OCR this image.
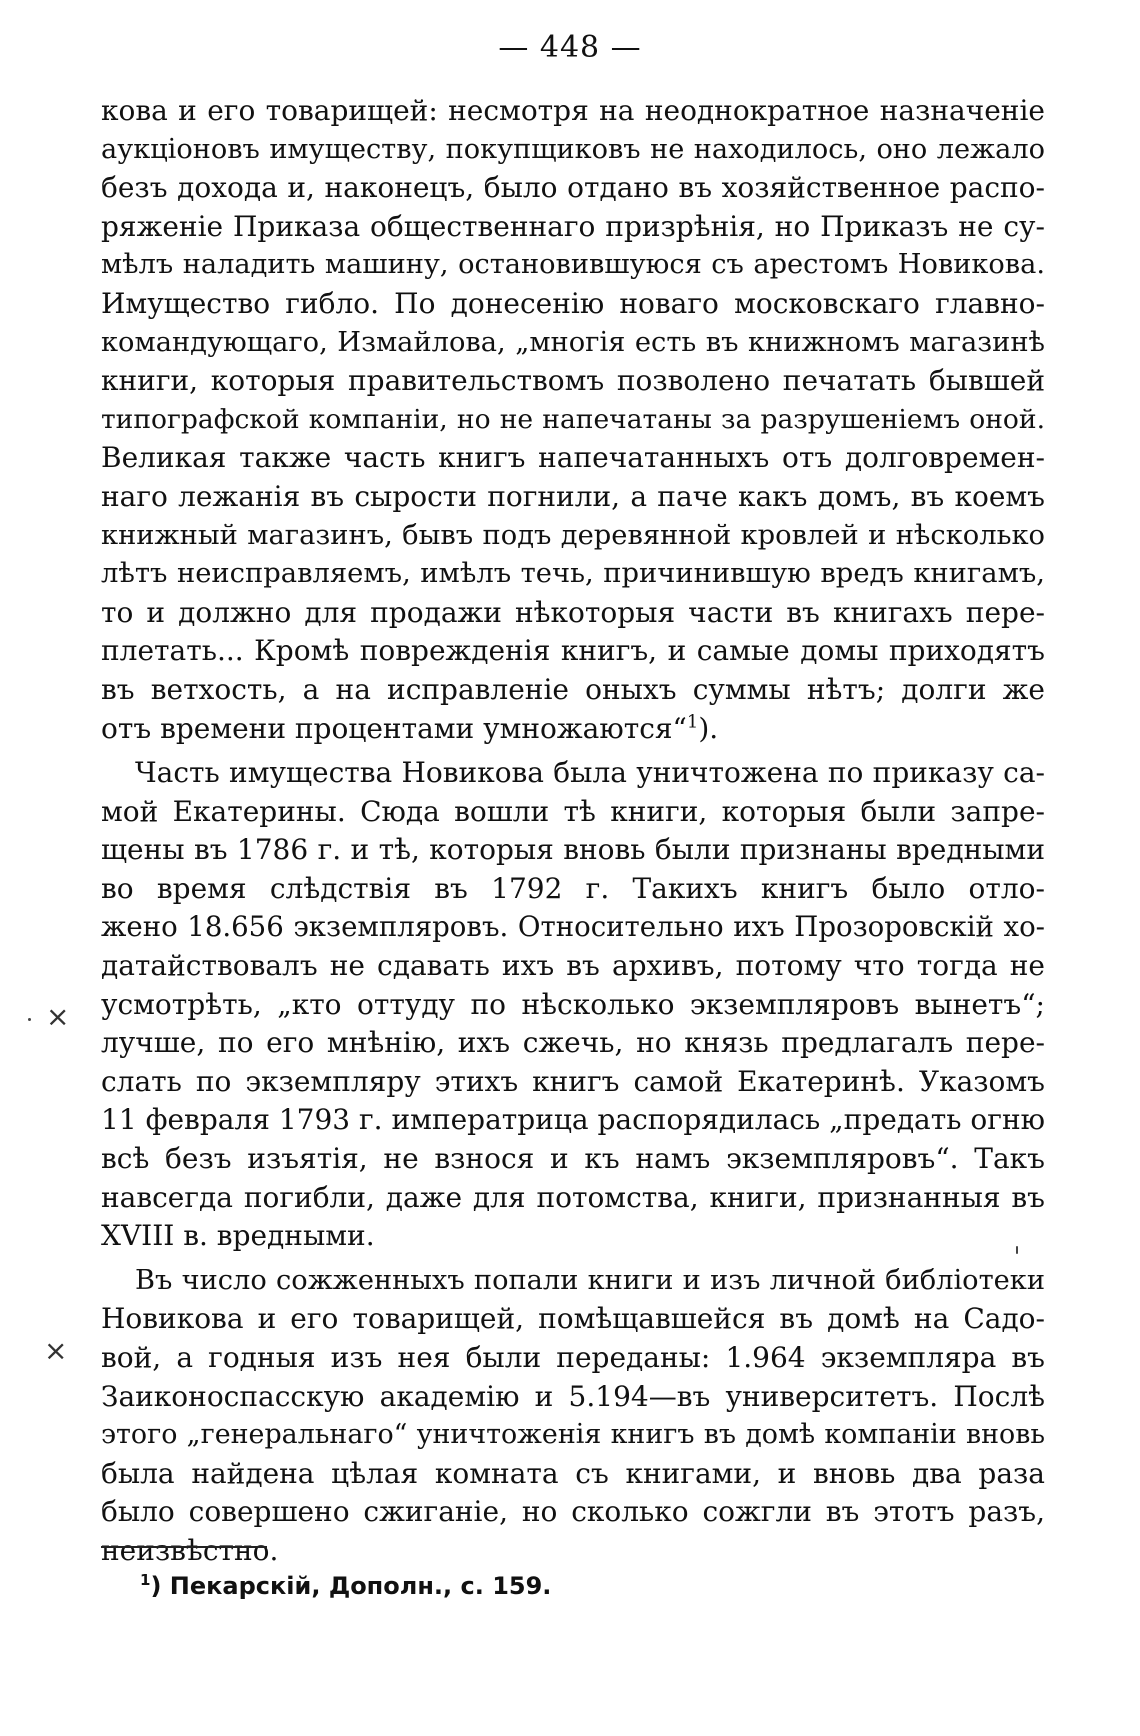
— 448 —
кова и его товарищей: несмотря на неоднократное назначеніе
аукціоновъ имуществу, покупщиковъ не находилось, оно лежало
безъ дохода и, наконецъ, было отдано въ хозяйственное распо-
ряженіе Приказа общественнаго призрѣнія, но Приказъ не су-
мѣлъ наладить машину, остановившуюся съ арестомъ Новикова.
Имущество гибло. По донесенію новаго московскаго главно-
командующаго, Измайлова, „многія есть въ книжномъ магазинѣ
книги, которыя правительствомъ позволено печатать бывшей
типографской компаніи, но не напечатаны за разрушеніемъ оной.
Великая также часть книгъ напечатанныхъ отъ долговремен-
наго лежанія въ сырости погнили, а паче какъ домъ, въ коемъ
книжный магазинъ, бывъ подъ деревянной кровлей и нѣсколько
лѣтъ неисправляемъ, имѣлъ течь, причинившую вредъ книгамъ,
то и должно для продажи нѣкоторыя части въ книгахъ пере-
плетать... Кромѣ поврежденія книгъ, и самые домы приходятъ
въ ветхость, а на исправленіе оныхъ суммы нѣтъ; долги же
отъ времени процентами умножаются“$^1$).
Часть имущества Новикова была уничтожена по приказу са-
мой Екатерины. Сюда вошли тѣ книги, которыя были запре-
щены въ 1786 г. и тѣ, которыя вновь были признаны вредными
во время слѣдствія въ 1792 г. Такихъ книгъ было отло-
жено 18.656 экземпляровъ. Относительно ихъ Прозоровскій хо-
датайствовалъ не сдавать ихъ въ архивъ, потому что тогда не
усмотрѣть, „кто оттуду по нѣсколько экземпляровъ вынетъ“;
лучше, по его мнѣнію, ихъ сжечь, но князь предлагалъ пере-
слать по экземпляру этихъ книгъ самой Екатеринѣ. Указомъ
11 февраля 1793 г. императрица распорядилась „предать огню
всѣ безъ изъятія, не взнося и къ намъ экземпляровъ“. Такъ
навсегда погибли, даже для потомства, книги, признанныя въ
XVIII в. вредными.
Въ число сожженныхъ попали книги и изъ личной библіотеки
Новикова и его товарищей, помѣщавшейся въ домѣ на Садо-
вой, а годныя изъ нея были переданы: 1.964 экземпляра въ
Заиконоспасскую академію и 5.194—въ университетъ. Послѣ
этого „генеральнаго“ уничтоженія книгъ въ домѣ компаніи вновь
была найдена цѣлая комната съ книгами, и вновь два раза
было совершено сжиганіе, но сколько сожгли въ этотъ разъ,
неизвѣстно.
$^1$) Пекарскій, Дополн., с. 159.
×
×
